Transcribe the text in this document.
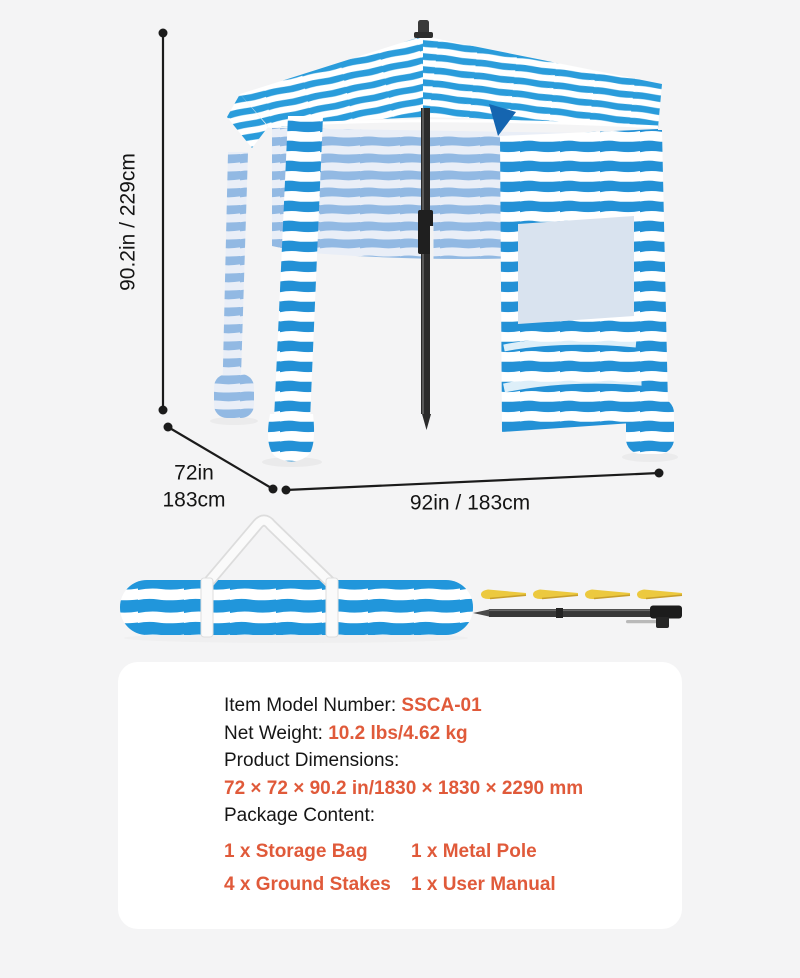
90.2in / 229cm
72in
183cm	92in / 183cm
Item Model Number: SSCA-01
Net Weight: 10.2 lbs/4.62 kg
Product Dimensions:
72 × 72 × 90.2 in/1830 × 1830 × 2290 mm
Package Content:
1 x Storage Bag	1 x Metal Pole
4 x Ground Stakes	1 x User Manual
